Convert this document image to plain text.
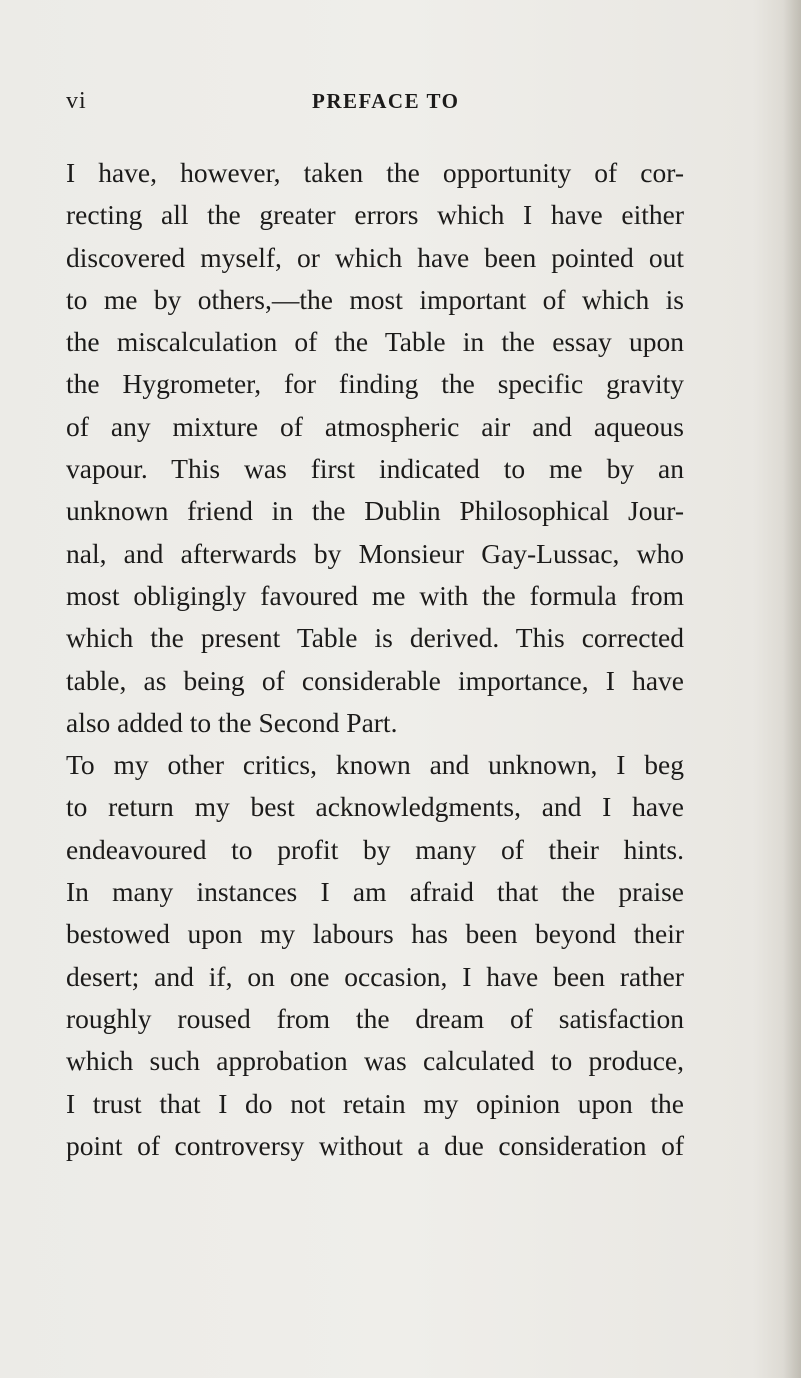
vi	PREFACE TO
I have, however, taken the opportunity of cor-
recting all the greater errors which I have either
discovered myself, or which have been pointed out
to me by others,—the most important of which is
the miscalculation of the Table in the essay upon
the Hygrometer, for finding the specific gravity
of any mixture of atmospheric air and aqueous
vapour. This was first indicated to me by an
unknown friend in the Dublin Philosophical Jour-
nal, and afterwards by Monsieur Gay-Lussac, who
most obligingly favoured me with the formula from
which the present Table is derived. This corrected
table, as being of considerable importance, I have
also added to the Second Part.
To my other critics, known and unknown, I beg
to return my best acknowledgments, and I have
endeavoured to profit by many of their hints.
In many instances I am afraid that the praise
bestowed upon my labours has been beyond their
desert; and if, on one occasion, I have been rather
roughly roused from the dream of satisfaction
which such approbation was calculated to produce,
I trust that I do not retain my opinion upon the
point of controversy without a due consideration of
